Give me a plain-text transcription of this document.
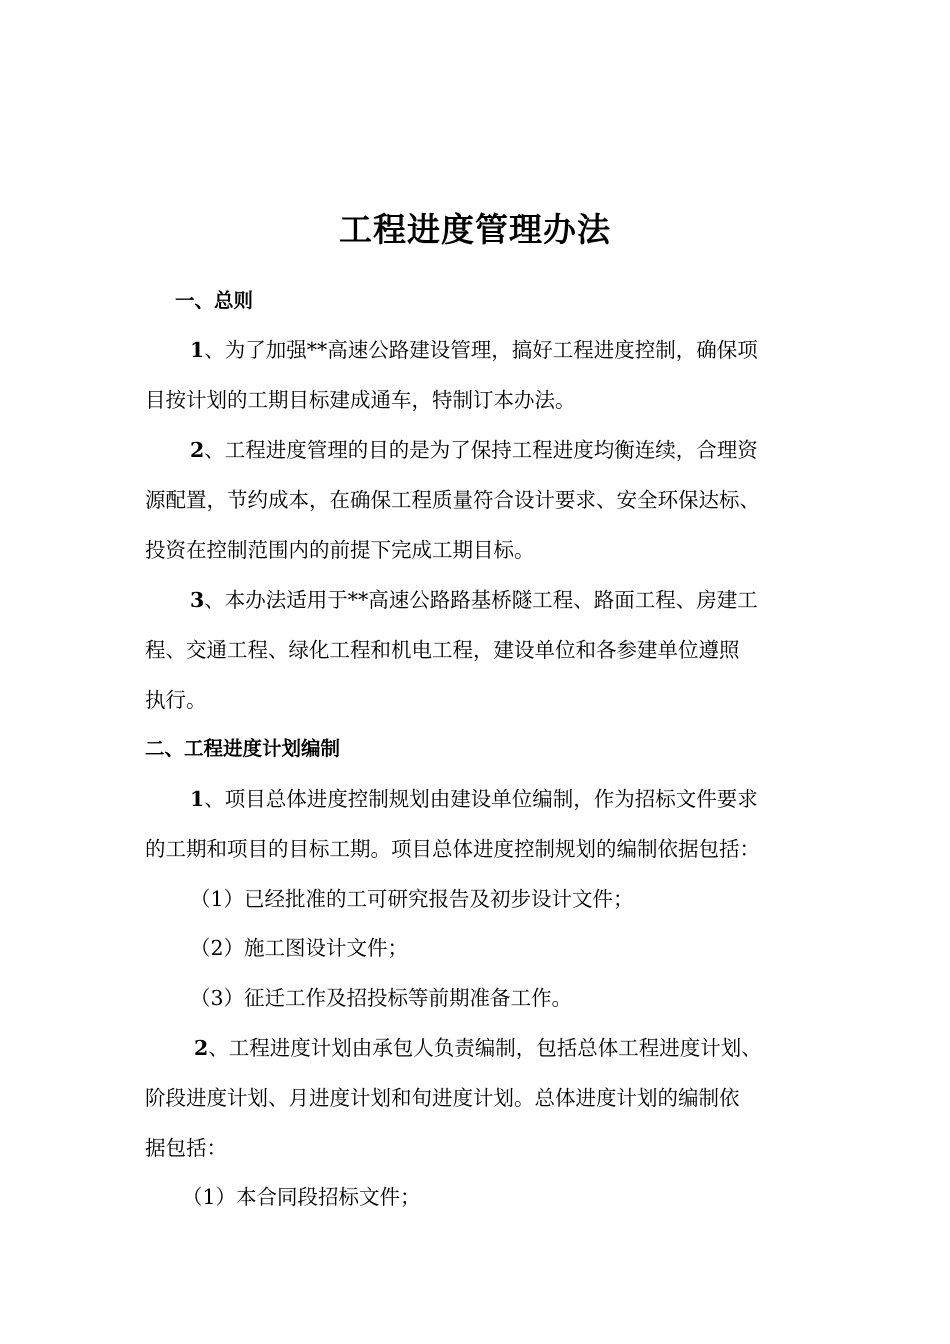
工程进度管理办法
一、总则
1、为了加强**高速公路建设管理，搞好工程进度控制，确保项
目按计划的工期目标建成通车，特制订本办法。
2、工程进度管理的目的是为了保持工程进度均衡连续，合理资
源配置，节约成本，在确保工程质量符合设计要求、安全环保达标、
投资在控制范围内的前提下完成工期目标。
3、本办法适用于**高速公路路基桥隧工程、路面工程、房建工
程、交通工程、绿化工程和机电工程，建设单位和各参建单位遵照
执行。
二、工程进度计划编制
1、项目总体进度控制规划由建设单位编制，作为招标文件要求
的工期和项目的目标工期。项目总体进度控制规划的编制依据包括：
（1）已经批准的工可研究报告及初步设计文件；
（2）施工图设计文件；
（3）征迁工作及招投标等前期准备工作。
2、工程进度计划由承包人负责编制，包括总体工程进度计划、
阶段进度计划、月进度计划和旬进度计划。总体进度计划的编制依
据包括：
（1）本合同段招标文件；
